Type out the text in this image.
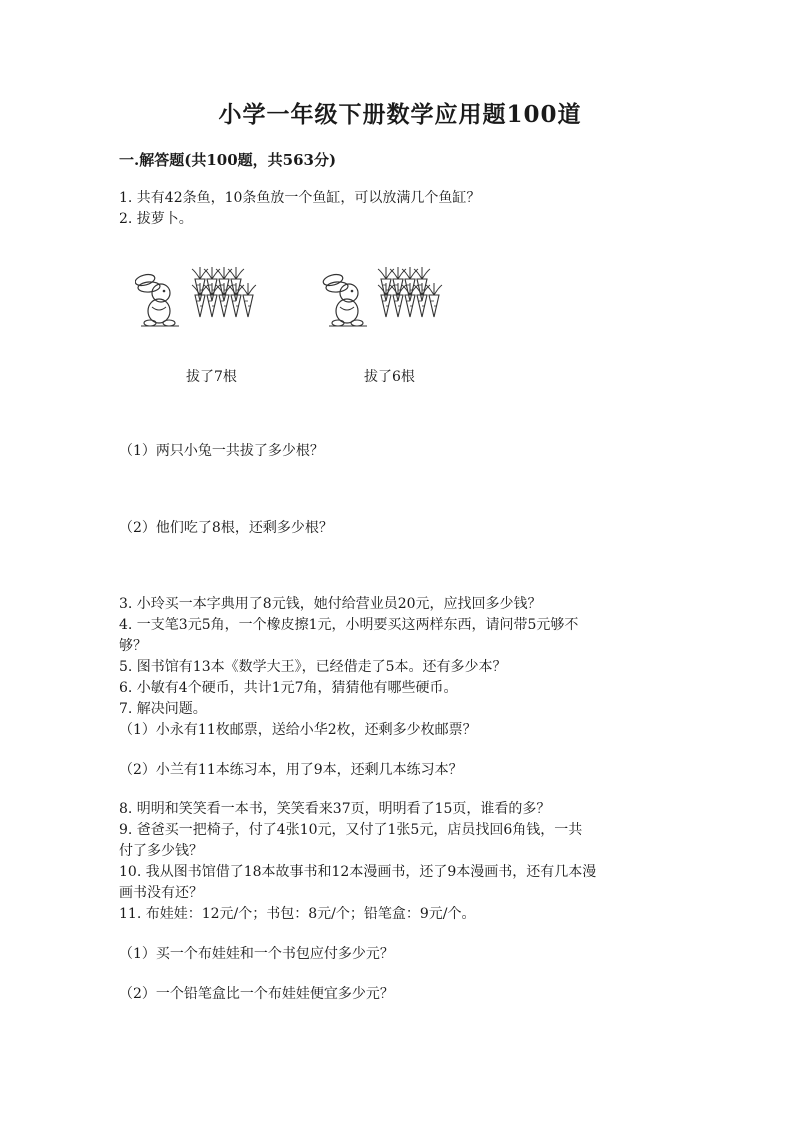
小学一年级下册数学应用题100道
一.解答题(共100题，共563分)
1. 共有42条鱼，10条鱼放一个鱼缸，可以放满几个鱼缸？
2. 拔萝卜。
拔了7根	拔了6根
（1）两只小兔一共拔了多少根？
（2）他们吃了8根，还剩多少根？
3. 小玲买一本字典用了8元钱，她付给营业员20元，应找回多少钱？
4. 一支笔3元5角，一个橡皮擦1元，小明要买这两样东西，请问带5元够不
够？
5. 图书馆有13本《数学大王》，已经借走了5本。还有多少本？
6. 小敏有4个硬币，共计1元7角，猜猜他有哪些硬币。
7. 解决问题。
（1）小永有11枚邮票，送给小华2枚，还剩多少枚邮票？
（2）小兰有11本练习本，用了9本，还剩几本练习本？
8. 明明和笑笑看一本书，笑笑看来37页，明明看了15页，谁看的多？
9. 爸爸买一把椅子，付了4张10元，又付了1张5元，店员找回6角钱，一共
付了多少钱？
10. 我从图书馆借了18本故事书和12本漫画书，还了9本漫画书，还有几本漫
画书没有还？
11. 布娃娃：12元/个；书包：8元/个；铅笔盒：9元/个。
（1）买一个布娃娃和一个书包应付多少元？
（2）一个铅笔盒比一个布娃娃便宜多少元？
